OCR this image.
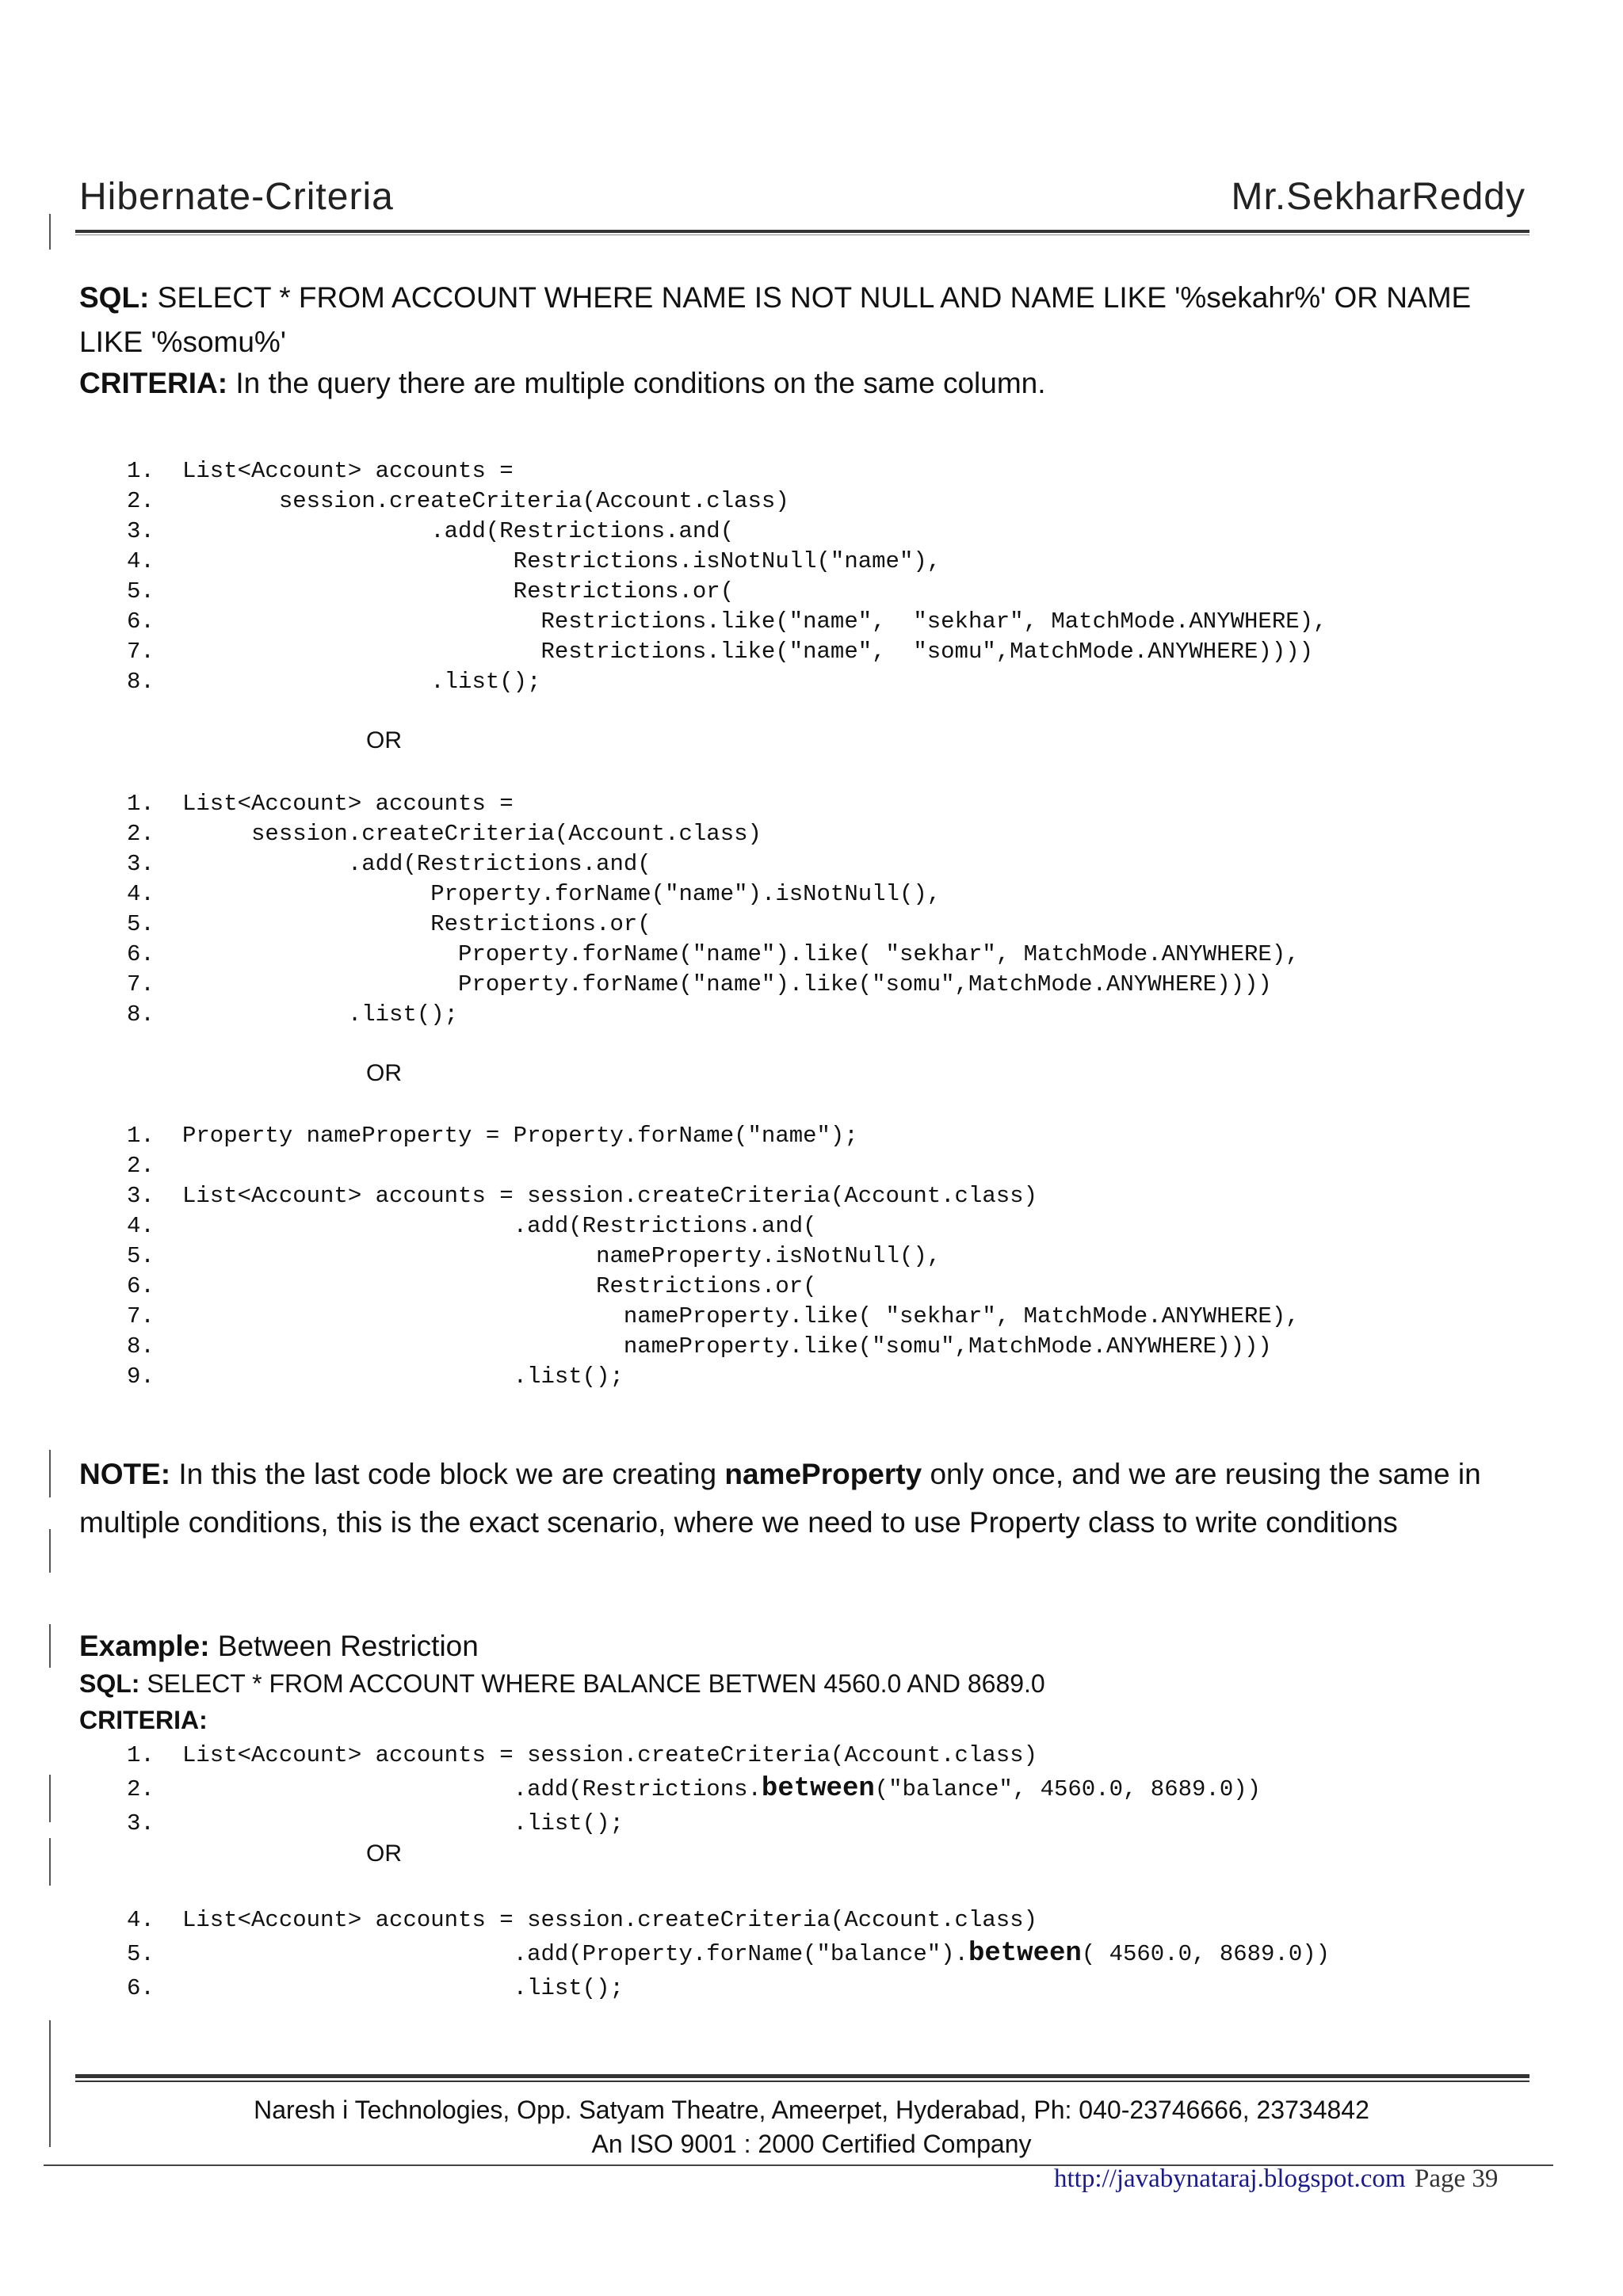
Hibernate-Criteria	Mr.SekharReddy
SQL: SELECT * FROM ACCOUNT WHERE NAME IS NOT NULL AND NAME LIKE '%sekahr%' OR NAME
LIKE '%somu%'
CRITERIA: In the query there are multiple conditions on the same column.
1. List<Account> accounts =
2.       session.createCriteria(Account.class)
3.                  .add(Restrictions.and(
4.                        Restrictions.isNotNull("name"),
5.                        Restrictions.or(
6.                          Restrictions.like("name",  "sekhar", MatchMode.ANYWHERE),
7.                          Restrictions.like("name",  "somu",MatchMode.ANYWHERE))))
8.                  .list();
OR
1. List<Account> accounts =
2.     session.createCriteria(Account.class)
3.            .add(Restrictions.and(
4.                  Property.forName("name").isNotNull(),
5.                  Restrictions.or(
6.                    Property.forName("name").like( "sekhar", MatchMode.ANYWHERE),
7.                    Property.forName("name").like("somu",MatchMode.ANYWHERE))))
8.            .list();
OR
1. Property nameProperty = Property.forName("name");
2.
3. List<Account> accounts = session.createCriteria(Account.class)
4.                        .add(Restrictions.and(
5.                              nameProperty.isNotNull(),
6.                              Restrictions.or(
7.                                nameProperty.like( "sekhar", MatchMode.ANYWHERE),
8.                                nameProperty.like("somu",MatchMode.ANYWHERE))))
9.                        .list();
NOTE: In this the last code block we are creating nameProperty only once, and we are reusing the same in multiple conditions, this is the exact scenario, where we need to use Property class to write conditions
Example: Between Restriction
SQL: SELECT * FROM ACCOUNT WHERE BALANCE BETWEN 4560.0 AND 8689.0
CRITERIA:
1. List<Account> accounts = session.createCriteria(Account.class)
2.                        .add(Restrictions.between("balance", 4560.0, 8689.0))
3.                        .list();
OR
4. List<Account> accounts = session.createCriteria(Account.class)
5.                        .add(Property.forName("balance").between( 4560.0, 8689.0))
6.                        .list();
Naresh i Technologies, Opp. Satyam Theatre, Ameerpet, Hyderabad, Ph: 040-23746666, 23734842
An ISO 9001 : 2000 Certified Company
http://javabynataraj.blogspot.com Page 39
